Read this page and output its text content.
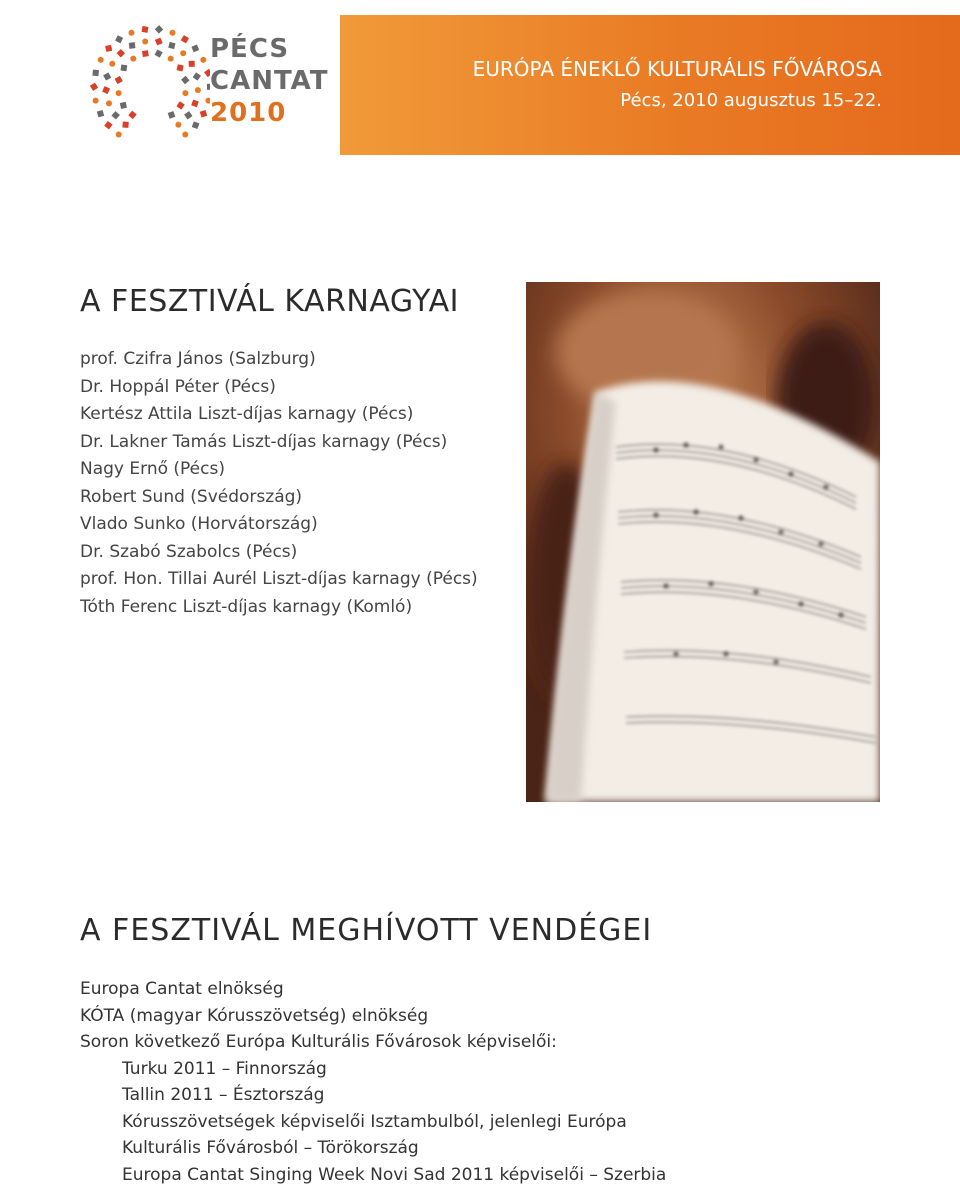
PÉCS
CANTAT
2010
EURÓPA ÉNEKLŐ KULTURÁLIS FŐVÁROSA
Pécs, 2010 augusztus 15–22.
A FESZTIVÁL KARNAGYAI
prof. Czifra János (Salzburg)
Dr. Hoppál Péter (Pécs)
Kertész Attila Liszt-díjas karnagy (Pécs)
Dr. Lakner Tamás Liszt-díjas karnagy (Pécs)
Nagy Ernő (Pécs)
Robert Sund (Svédország)
Vlado Sunko (Horvátország)
Dr. Szabó Szabolcs (Pécs)
prof. Hon. Tillai Aurél Liszt-díjas karnagy (Pécs)
Tóth Ferenc Liszt-díjas karnagy (Komló)
A FESZTIVÁL MEGHÍVOTT VENDÉGEI
Europa Cantat elnökség
KÓTA (magyar Kórusszövetség) elnökség
Soron következő Európa Kulturális Fővárosok képviselői:
Turku 2011 – Finnország
Tallin 2011 – Észtország
Kórusszövetségek képviselői Isztambulból, jelenlegi Európa
Kulturális Fővárosból – Törökország
Europa Cantat Singing Week Novi Sad 2011 képviselői – Szerbia
